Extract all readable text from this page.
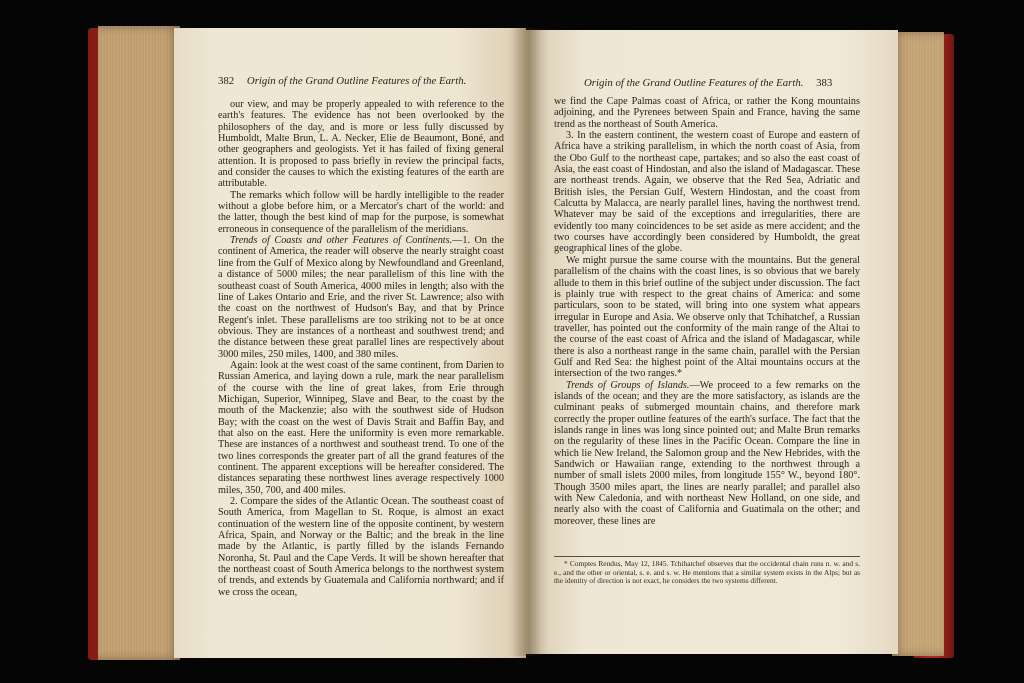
382 Origin of the Grand Outline Features of the Earth.

our view, and may be properly appealed to with reference to the earth's features. The evidence has not been overlooked by the philosophers of the day, and is more or less fully discussed by Humboldt, Malte Brun, L. A. Necker, Elie de Beaumont, Boné, and other geographers and geologists. Yet it has failed of fixing general attention. It is proposed to pass briefly in review the principal facts, and consider the causes to which the existing features of the earth are attributable.

The remarks which follow will be hardly intelligible to the reader without a globe before him, or a Mercator's chart of the world: and the latter, though the best kind of map for the purpose, is somewhat erroneous in consequence of the parallelism of the meridians.

Trends of Coasts and other Features of Continents.—1. On the continent of America, the reader will observe the nearly straight coast line from the Gulf of Mexico along by Newfoundland and Greenland, a distance of 5000 miles; the near parallelism of this line with the southeast coast of South America, 4000 miles in length; also with the line of Lakes Ontario and Erie, and the river St. Lawrence; also with the coast on the northwest of Hudson's Bay, and that by Prince Regent's inlet. These parallelisms are too striking not to be at once obvious. They are instances of a northeast and southwest trend; and the distance between these great parallel lines are respectively about 3000 miles, 250 miles, 1400, and 380 miles.

Again: look at the west coast of the same continent, from Darien to Russian America, and laying down a rule, mark the near parallelism of the course with the line of great lakes, from Erie through Michigan, Superior, Winnipeg, Slave and Bear, to the coast by the mouth of the Mackenzie; also with the southwest side of Hudson Bay; with the coast on the west of Davis Strait and Baffin Bay, and that also on the east. Here the uniformity is even more remarkable. These are instances of a northwest and southeast trend. To one of the two lines corresponds the greater part of all the grand features of the continent. The apparent exceptions will be hereafter considered. The distances separating these northwest lines average respectively 1000 miles, 350, 700, and 400 miles.

2. Compare the sides of the Atlantic Ocean. The southeast coast of South America, from Magellan to St. Roque, is almost an exact continuation of the western line of the opposite continent, by western Africa, Spain, and Norway or the Baltic; and the break in the line made by the Atlantic, is partly filled by the islands Fernando Noronha, St. Paul and the Cape Verds. It will be shown hereafter that the northeast coast of South America belongs to the northwest system of trends, and extends by Guatemala and California northward; and if we cross the ocean,

Origin of the Grand Outline Features of the Earth. 383

we find the Cape Palmas coast of Africa, or rather the Kong mountains adjoining, and the Pyrenees between Spain and France, having the same trend as the northeast of South America.

3. In the eastern continent, the western coast of Europe and eastern of Africa have a striking parallelism, in which the north coast of Asia, from the Obo Gulf to the northeast cape, partakes; and so also the east coast of Asia, the east coast of Hindostan, and also the island of Madagascar. These are northeast trends. Again, we observe that the Red Sea, Adriatic and British isles, the Persian Gulf, Western Hindostan, and the coast from Calcutta by Malacca, are nearly parallel lines, having the northwest trend. Whatever may be said of the exceptions and irregularities, there are evidently too many coincidences to be set aside as mere accident; and the two courses have accordingly been considered by Humboldt, the great geographical lines of the globe.

We might pursue the same course with the mountains. But the general parallelism of the chains with the coast lines, is so obvious that we barely allude to them in this brief outline of the subject under discussion. The fact is plainly true with respect to the great chains of America: and some particulars, soon to be stated, will bring into one system what appears irregular in Europe and Asia. We observe only that Tchihatchef, a Russian traveller, has pointed out the conformity of the main range of the Altai to the course of the east coast of Africa and the island of Madagascar, while there is also a northeast range in the same chain, parallel with the Persian Gulf and Red Sea: the highest point of the Altai mountains occurs at the intersection of the two ranges.*

Trends of Groups of Islands.—We proceed to a few remarks on the islands of the ocean; and they are the more satisfactory, as islands are the culminant peaks of submerged mountain chains, and therefore mark correctly the proper outline features of the earth's surface. The fact that the islands range in lines was long since pointed out; and Malte Brun remarks on the regularity of these lines in the Pacific Ocean. Compare the line in which lie New Ireland, the Salomon group and the New Hebrides, with the Sandwich or Hawaiian range, extending to the northwest through a number of small islets 2000 miles, from longitude 155° W., beyond 180°. Though 3500 miles apart, the lines are nearly parallel; and parallel also with New Caledonia, and with northeast New Holland, on one side, and nearly also with the coast of California and Guatimala on the other; and moreover, these lines are

* Comptes Rendus, May 12, 1845. Tchihatchef observes that the occidental chain runs n. w. and s. e., and the other or oriental, s. e. and s. w. He mentions that a similar system exists in the Alps; but as the identity of direction is not exact, he considers the two systems different.
